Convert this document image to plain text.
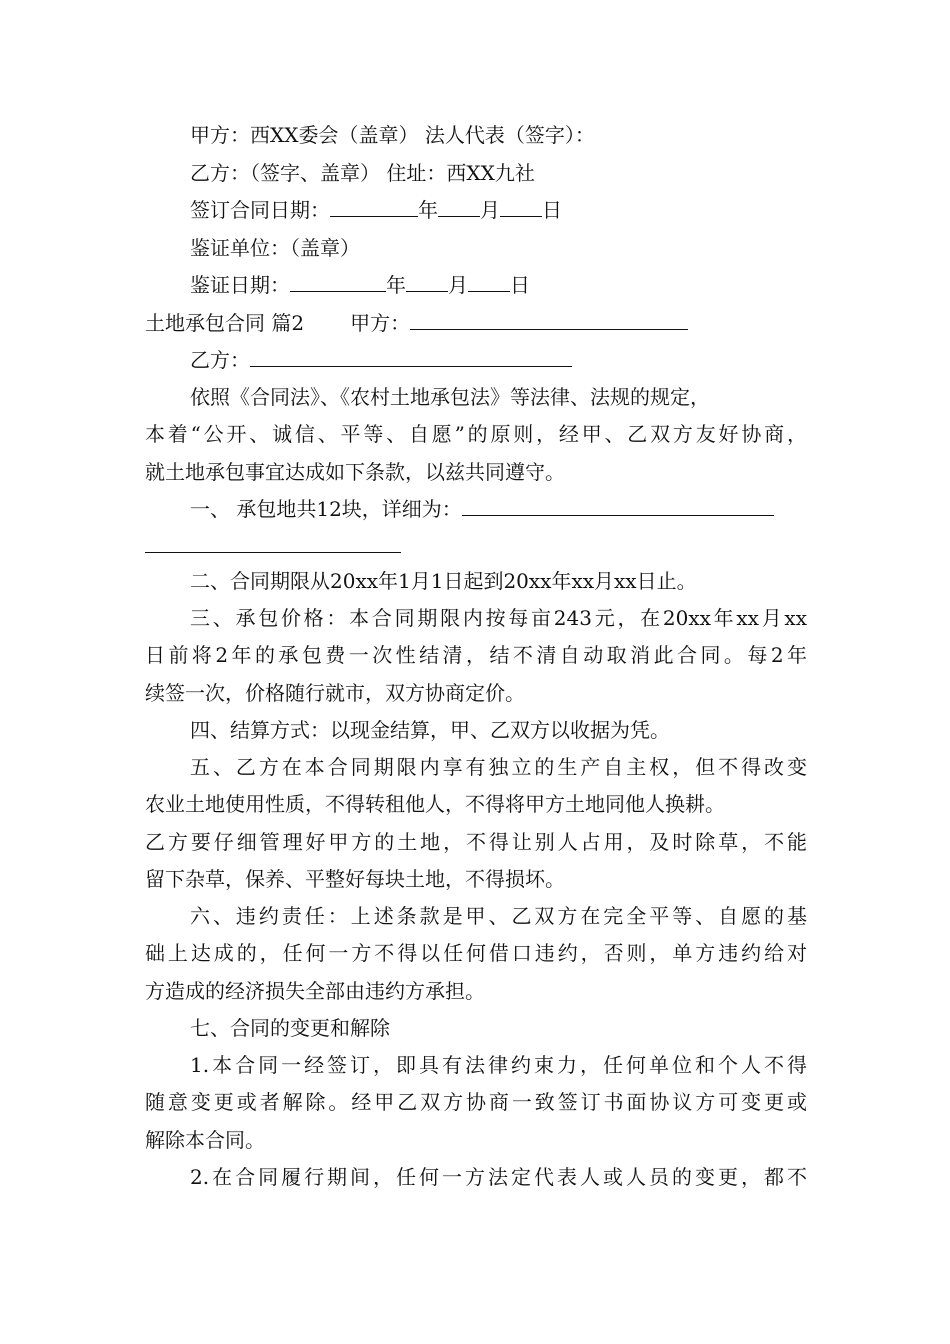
甲方：西XX委会（盖章） 法人代表（签字）：
乙方：（签字、盖章） 住址：西XX九社
签订合同日期：	年 月 日
鉴证单位：（盖章）
鉴证日期：	年 月 日
土地承包合同 篇2 甲方：
乙方：
依照《合同法》、《农村土地承包法》等法律、法规的规定，
本着“公开、诚信、平等、自愿”的原则，经甲、乙双方友好协商，
就土地承包事宜达成如下条款，以兹共同遵守。
一、 承包地共12块，详细为：
二、合同期限从20xx年1月1日起到20xx年xx月xx日止。
三、承包价格：本合同期限内按每亩243元，在20xx年xx月xx
日前将2年的承包费一次性结清，结不清自动取消此合同。每2年
续签一次，价格随行就市，双方协商定价。
四、结算方式：以现金结算，甲、乙双方以收据为凭。
五、乙方在本合同期限内享有独立的生产自主权，但不得改变
农业土地使用性质，不得转租他人，不得将甲方土地同他人换耕。
乙方要仔细管理好甲方的土地，不得让别人占用，及时除草，不能
留下杂草，保养、平整好每块土地，不得损坏。
六、违约责任：上述条款是甲、乙双方在完全平等、自愿的基
础上达成的，任何一方不得以任何借口违约，否则，单方违约给对
方造成的经济损失全部由违约方承担。
七、合同的变更和解除
1.本合同一经签订，即具有法律约束力，任何单位和个人不得
随意变更或者解除。经甲乙双方协商一致签订书面协议方可变更或
解除本合同。
2.在合同履行期间，任何一方法定代表人或人员的变更，都不
